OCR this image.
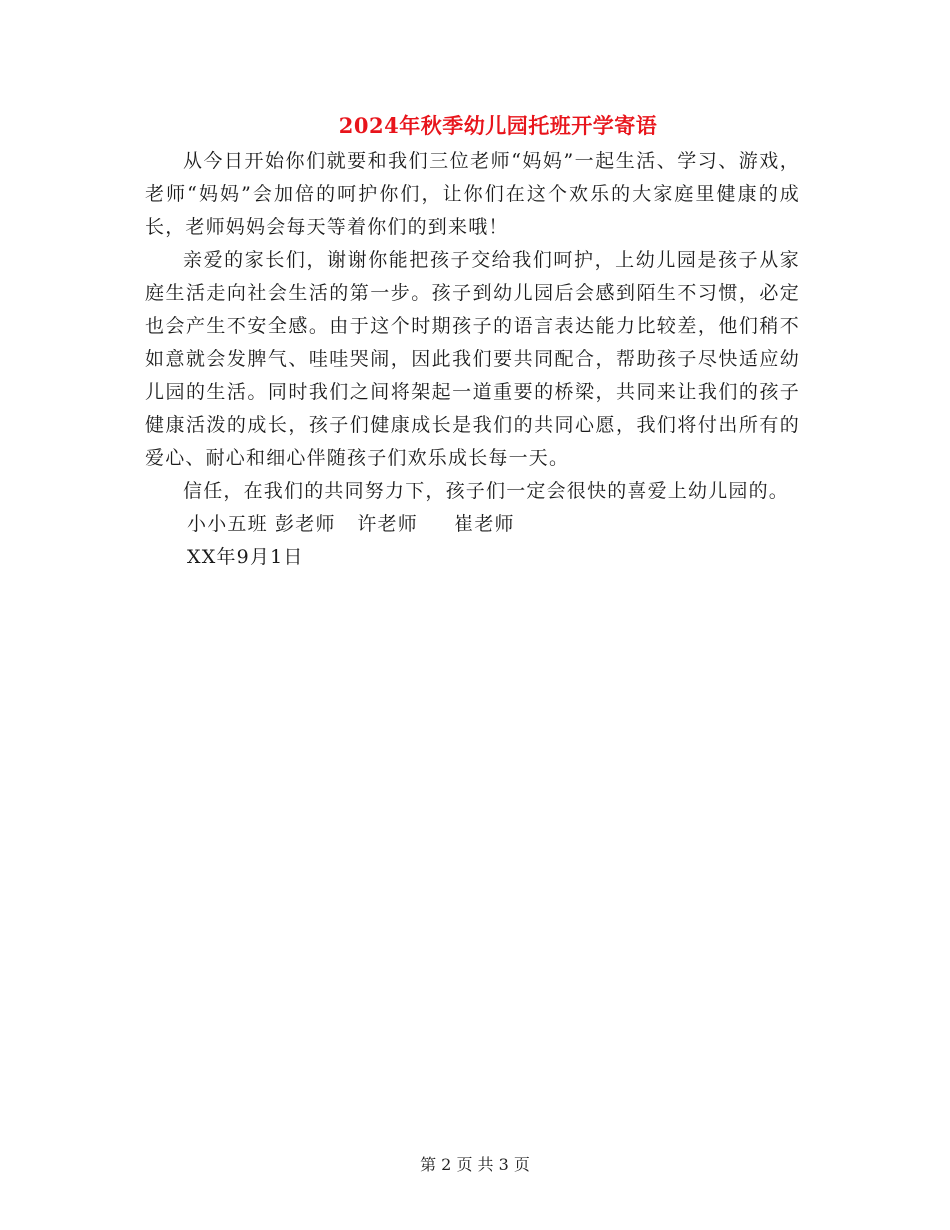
2024年秋季幼儿园托班开学寄语

从今日开始你们就要和我们三位老师“妈妈”一起生活、学习、游戏，老师“妈妈”会加倍的呵护你们，让你们在这个欢乐的大家庭里健康的成长，老师妈妈会每天等着你们的到来哦！

亲爱的家长们，谢谢你能把孩子交给我们呵护，上幼儿园是孩子从家庭生活走向社会生活的第一步。孩子到幼儿园后会感到陌生不习惯，必定也会产生不安全感。由于这个时期孩子的语言表达能力比较差，他们稍不如意就会发脾气、哇哇哭闹，因此我们要共同配合，帮助孩子尽快适应幼儿园的生活。同时我们之间将架起一道重要的桥梁，共同来让我们的孩子健康活泼的成长，孩子们健康成长是我们的共同心愿，我们将付出所有的爱心、耐心和细心伴随孩子们欢乐成长每一天。

信任，在我们的共同努力下，孩子们一定会很快的喜爱上幼儿园的。

小小五班 彭老师   许老师     崔老师
XX年9月1日
第 2 页 共 3 页
